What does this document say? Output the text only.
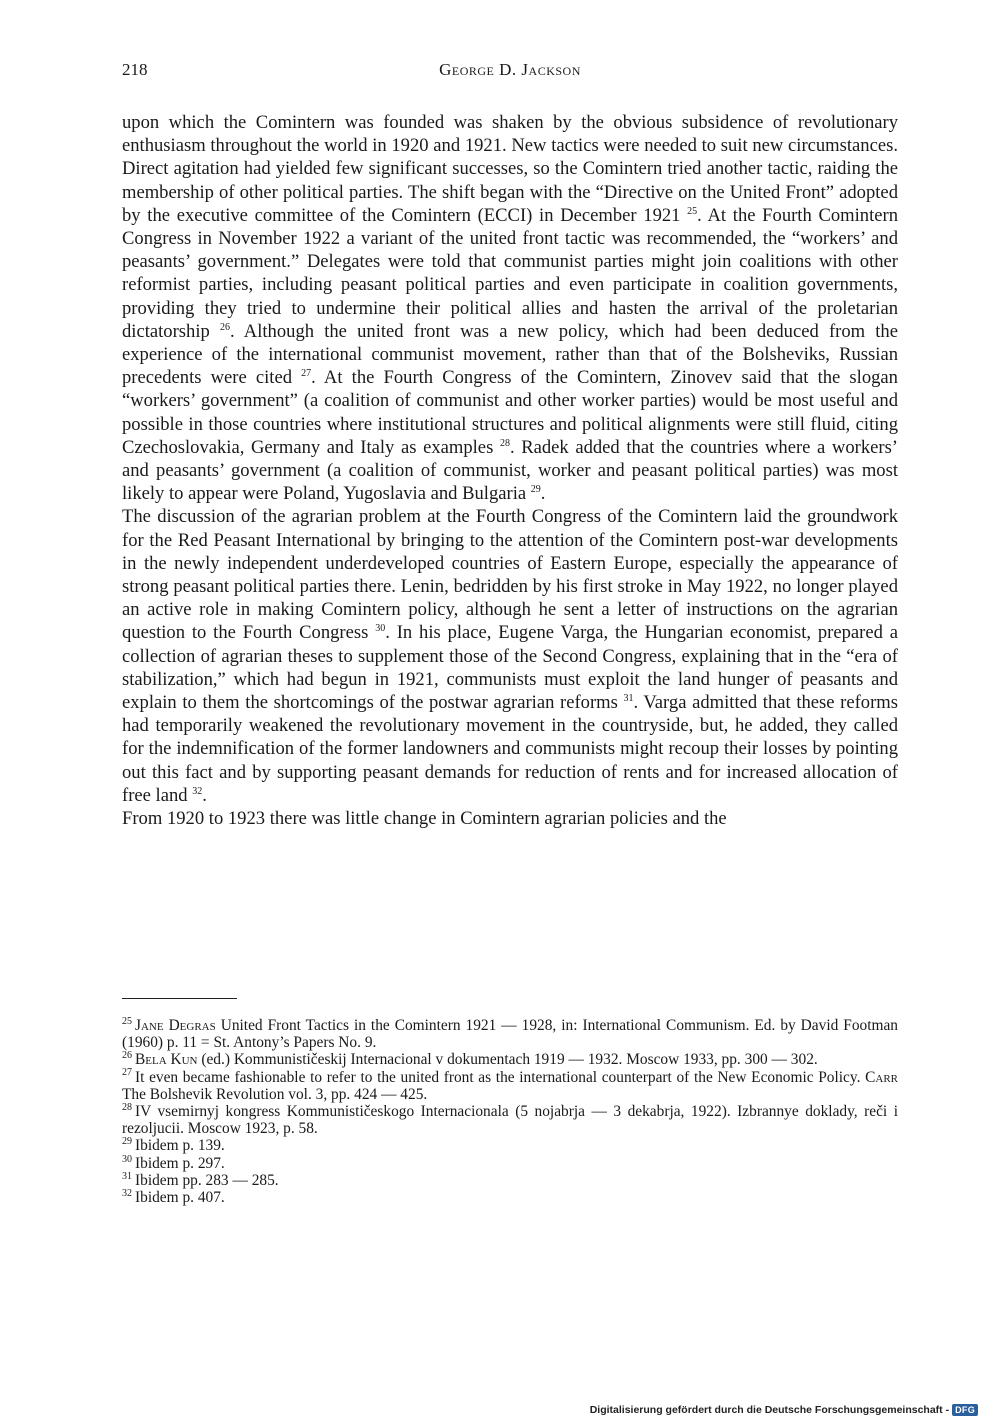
218	George D. Jackson

upon which the Comintern was founded was shaken by the obvious subsidence of revolutionary enthusiasm throughout the world in 1920 and 1921. New tactics were needed to suit new circumstances. Direct agitation had yielded few significant successes, so the Comintern tried another tactic, raiding the membership of other political parties. The shift began with the “Directive on the United Front” adopted by the executive committee of the Comintern (ECCI) in December 1921 $^{25}$. At the Fourth Comintern Congress in November 1922 a variant of the united front tactic was recommended, the “workers’ and peasants’ government.” Delegates were told that communist parties might join coalitions with other reformist parties, including peasant political parties and even participate in coalition governments, providing they tried to undermine their political allies and hasten the arrival of the proletarian dictatorship $^{26}$. Although the united front was a new policy, which had been deduced from the experience of the international communist movement, rather than that of the Bolsheviks, Russian precedents were cited $^{27}$. At the Fourth Congress of the Comintern, Zinovev said that the slogan “workers’ government” (a coalition of communist and other worker parties) would be most useful and possible in those countries where institutional structures and political alignments were still fluid, citing Czechoslovakia, Germany and Italy as examples $^{28}$. Radek added that the countries where a workers’ and peasants’ government (a coalition of communist, worker and peasant political parties) was most likely to appear were Poland, Yugoslavia and Bulgaria $^{29}$.

The discussion of the agrarian problem at the Fourth Congress of the Comintern laid the groundwork for the Red Peasant International by bringing to the attention of the Comintern post-war developments in the newly independent underdeveloped countries of Eastern Europe, especially the appearance of strong peasant political parties there. Lenin, bedridden by his first stroke in May 1922, no longer played an active role in making Comintern policy, although he sent a letter of instructions on the agrarian question to the Fourth Congress $^{30}$. In his place, Eugene Varga, the Hungarian economist, prepared a collection of agrarian theses to supplement those of the Second Congress, explaining that in the “era of stabilization,” which had begun in 1921, communists must exploit the land hunger of peasants and explain to them the shortcomings of the postwar agrarian reforms $^{31}$. Varga admitted that these reforms had temporarily weakened the revolutionary movement in the countryside, but, he added, they called for the indemnification of the former landowners and communists might recoup their losses by pointing out this fact and by supporting peasant demands for reduction of rents and for increased allocation of free land $^{32}$.

From 1920 to 1923 there was little change in Comintern agrarian policies and the

$^{25}$ Jane Degras United Front Tactics in the Comintern 1921 — 1928, in: International Communism. Ed. by David Footman (1960) p. 11 = St. Antony’s Papers No. 9.

$^{26}$ Bela Kun (ed.) Kommunističeskij Internacional v dokumentach 1919 — 1932. Moscow 1933, pp. 300 — 302.

$^{27}$ It even became fashionable to refer to the united front as the international counterpart of the New Economic Policy. Carr The Bolshevik Revolution vol. 3, pp. 424 — 425.

$^{28}$ IV vsemirnyj kongress Kommunističeskogo Internacionala (5 nojabrja — 3 dekabrja, 1922). Izbrannye doklady, reči i rezoljucii. Moscow 1923, p. 58.

$^{29}$ Ibidem p. 139.

$^{30}$ Ibidem p. 297.

$^{31}$ Ibidem pp. 283 — 285.

$^{32}$ Ibidem p. 407.

Digitalisierung gefördert durch die Deutsche Forschungsgemeinschaft - DFG
